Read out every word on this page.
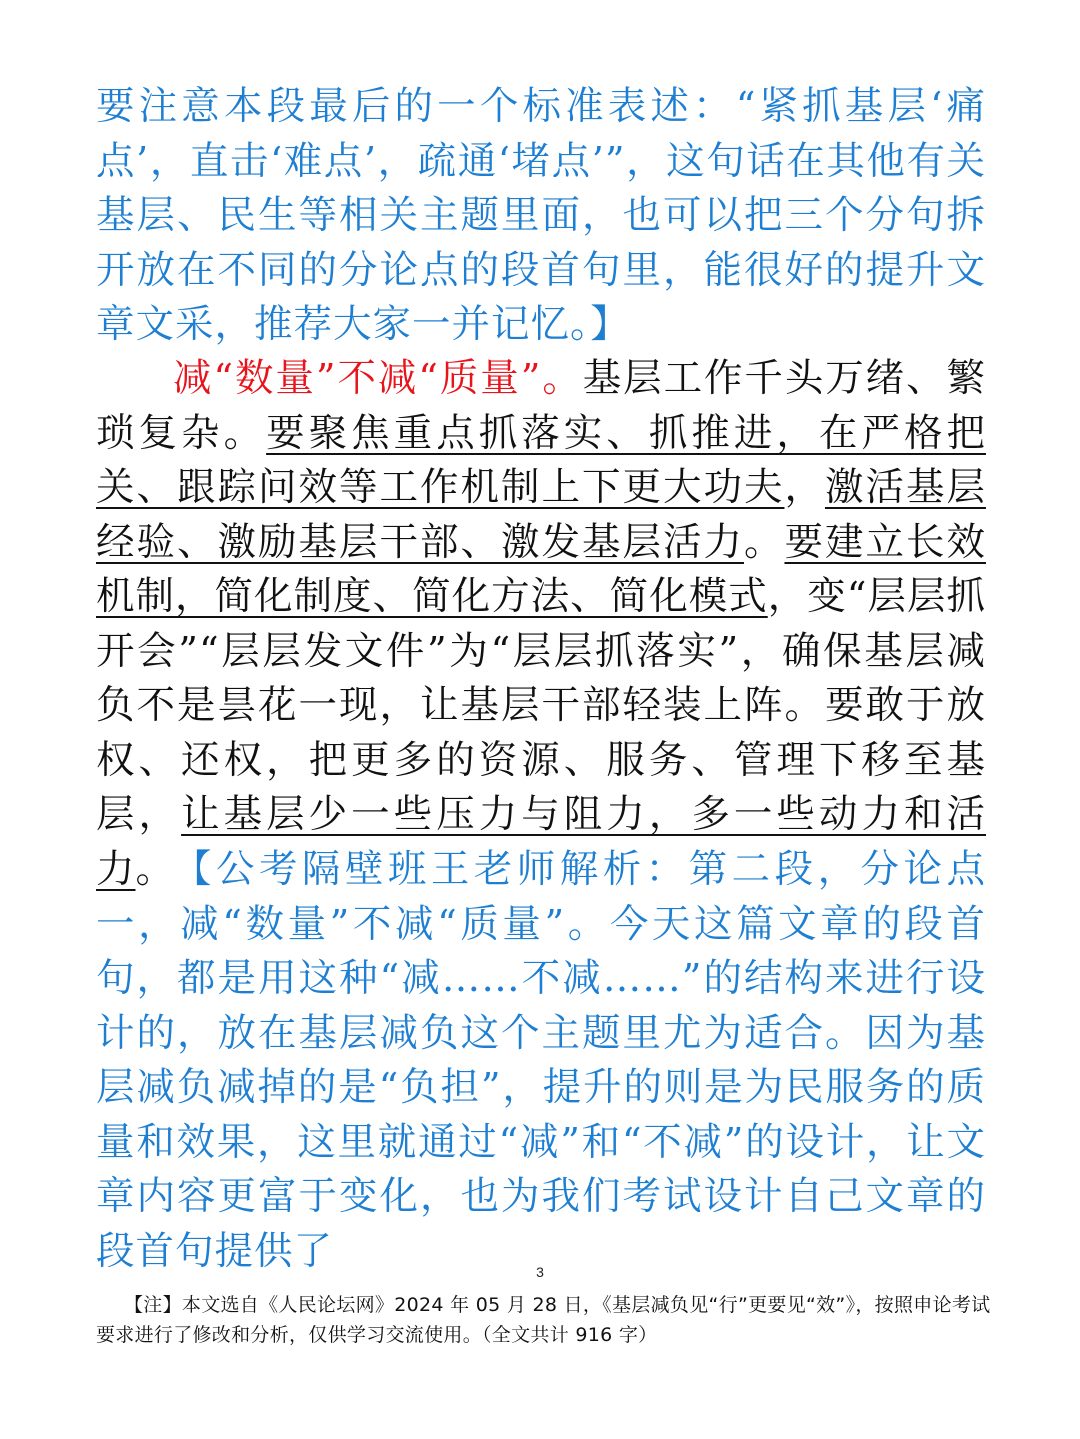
要注意本段最后的一个标准表述：“紧抓基层‘痛点’，直击‘难点’，疏通‘堵点’”，这句话在其他有关基层、民生等相关主题里面，也可以把三个分句拆开放在不同的分论点的段首句里，能很好的提升文章文采，推荐大家一并记忆。】

减“数量”不减“质量”。基层工作千头万绪、繁琐复杂。要聚焦重点抓落实、抓推进，在严格把关、跟踪问效等工作机制上下更大功夫，激活基层经验、激励基层干部、激发基层活力。要建立长效机制，简化制度、简化方法、简化模式，变“层层抓开会”“层层发文件”为“层层抓落实”，确保基层减负不是昙花一现，让基层干部轻装上阵。要敢于放权、还权，把更多的资源、服务、管理下移至基层，让基层少一些压力与阻力，多一些动力和活力。

【公考隔壁班王老师解析：第二段，分论点一，减“数量”不减“质量”。今天这篇文章的段首句，都是用这种“减……不减……”的结构来进行设计的，放在基层减负这个主题里尤为适合。因为基层减负减掉的是“负担”，提升的则是为民服务的质量和效果，这里就通过“减”和“不减”的设计，让文章内容更富于变化，也为我们考试设计自己文章的段首句提供了	3
【注】本文选自《人民论坛网》2024 年 05 月 28 日，《基层减负见“行”更要见“效”》，按照申论考试要求进行了修改和分析，仅供学习交流使用。（全文共计 916 字）
